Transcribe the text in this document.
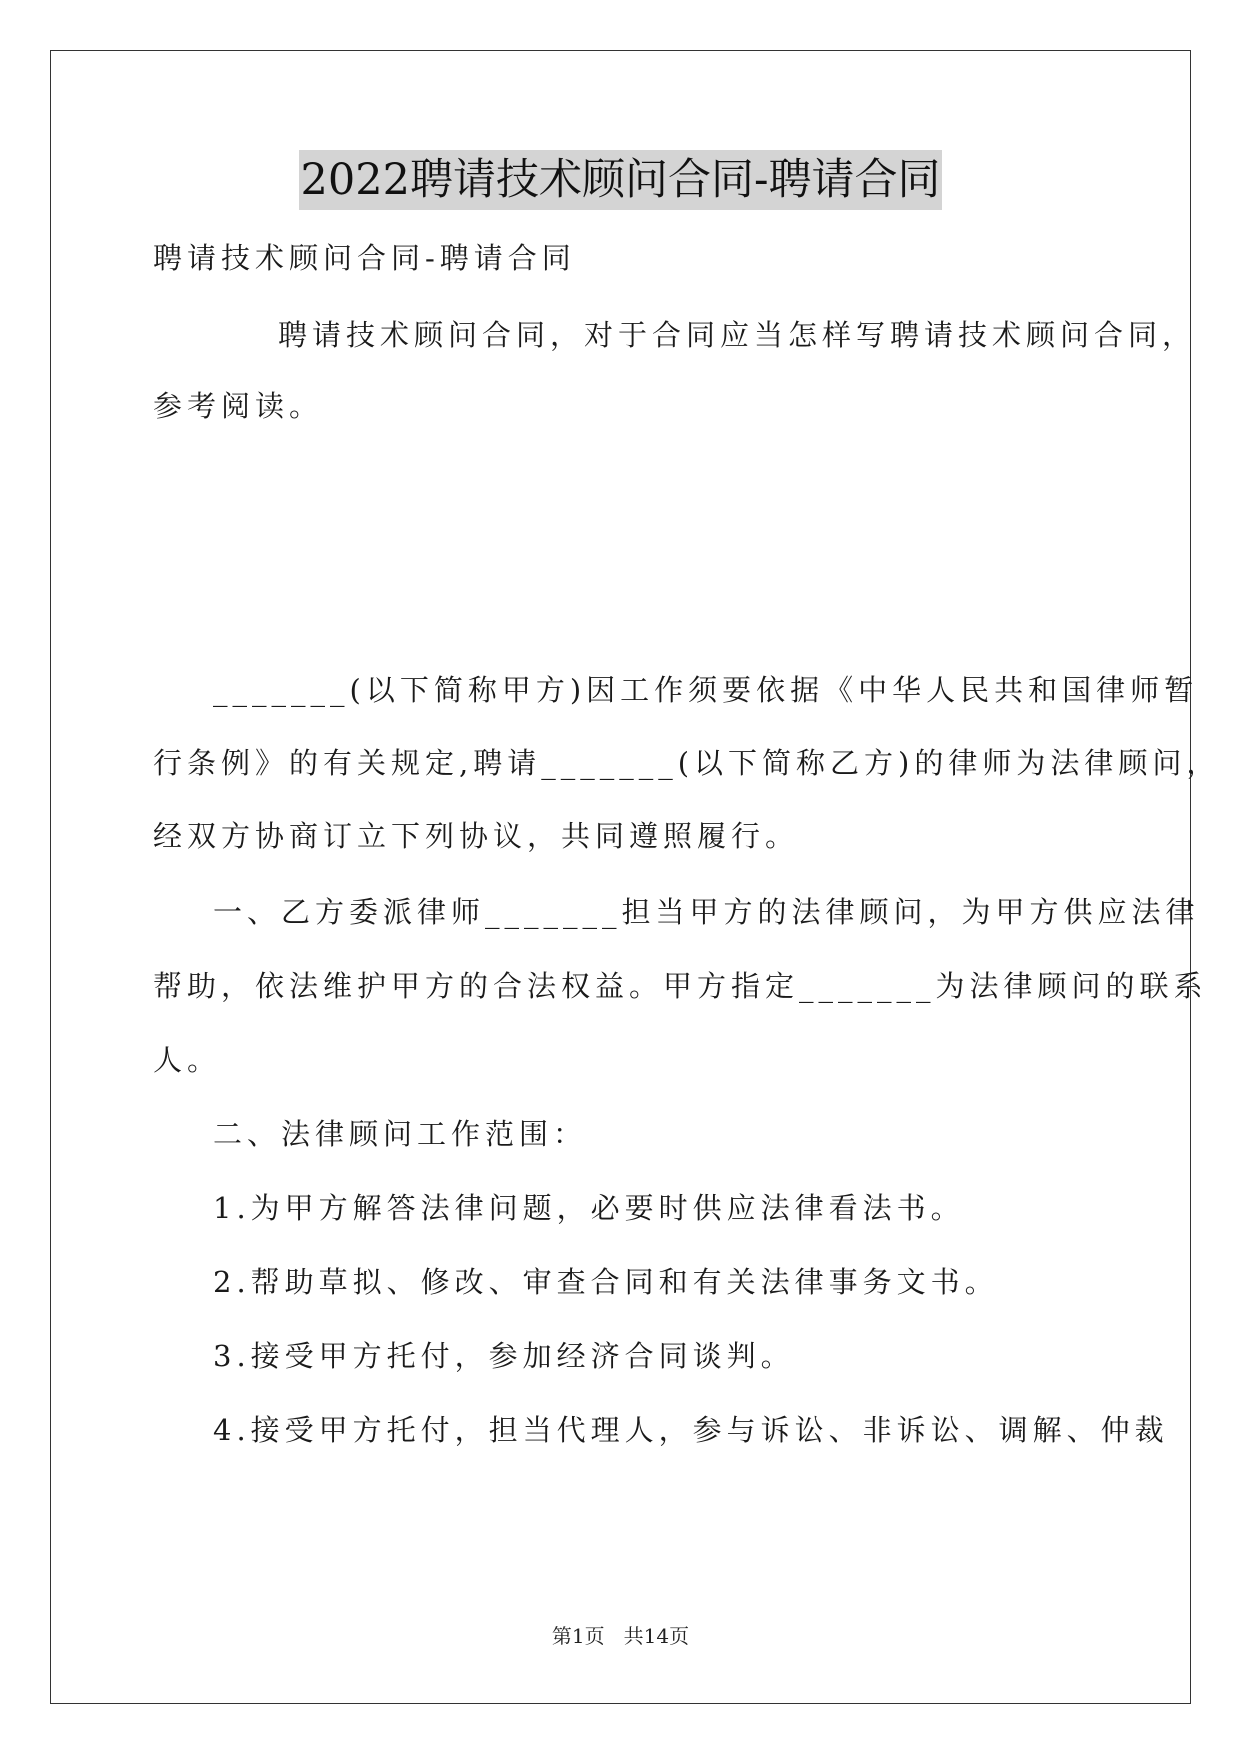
2022聘请技术顾问合同-聘请合同
聘请技术顾问合同-聘请合同
聘请技术顾问合同，对于合同应当怎样写聘请技术顾问合同，
参考阅读。
_______(以下简称甲方)因工作须要依据《中华人民共和国律师暂
行条例》的有关规定,聘请_______(以下简称乙方)的律师为法律顾问，
经双方协商订立下列协议，共同遵照履行。
一、乙方委派律师_______担当甲方的法律顾问，为甲方供应法律
帮助，依法维护甲方的合法权益。甲方指定_______为法律顾问的联系
人。
二、法律顾问工作范围：
1.为甲方解答法律问题，必要时供应法律看法书。
2.帮助草拟、修改、审查合同和有关法律事务文书。
3.接受甲方托付，参加经济合同谈判。
4.接受甲方托付，担当代理人，参与诉讼、非诉讼、调解、仲裁
第1页   共14页
